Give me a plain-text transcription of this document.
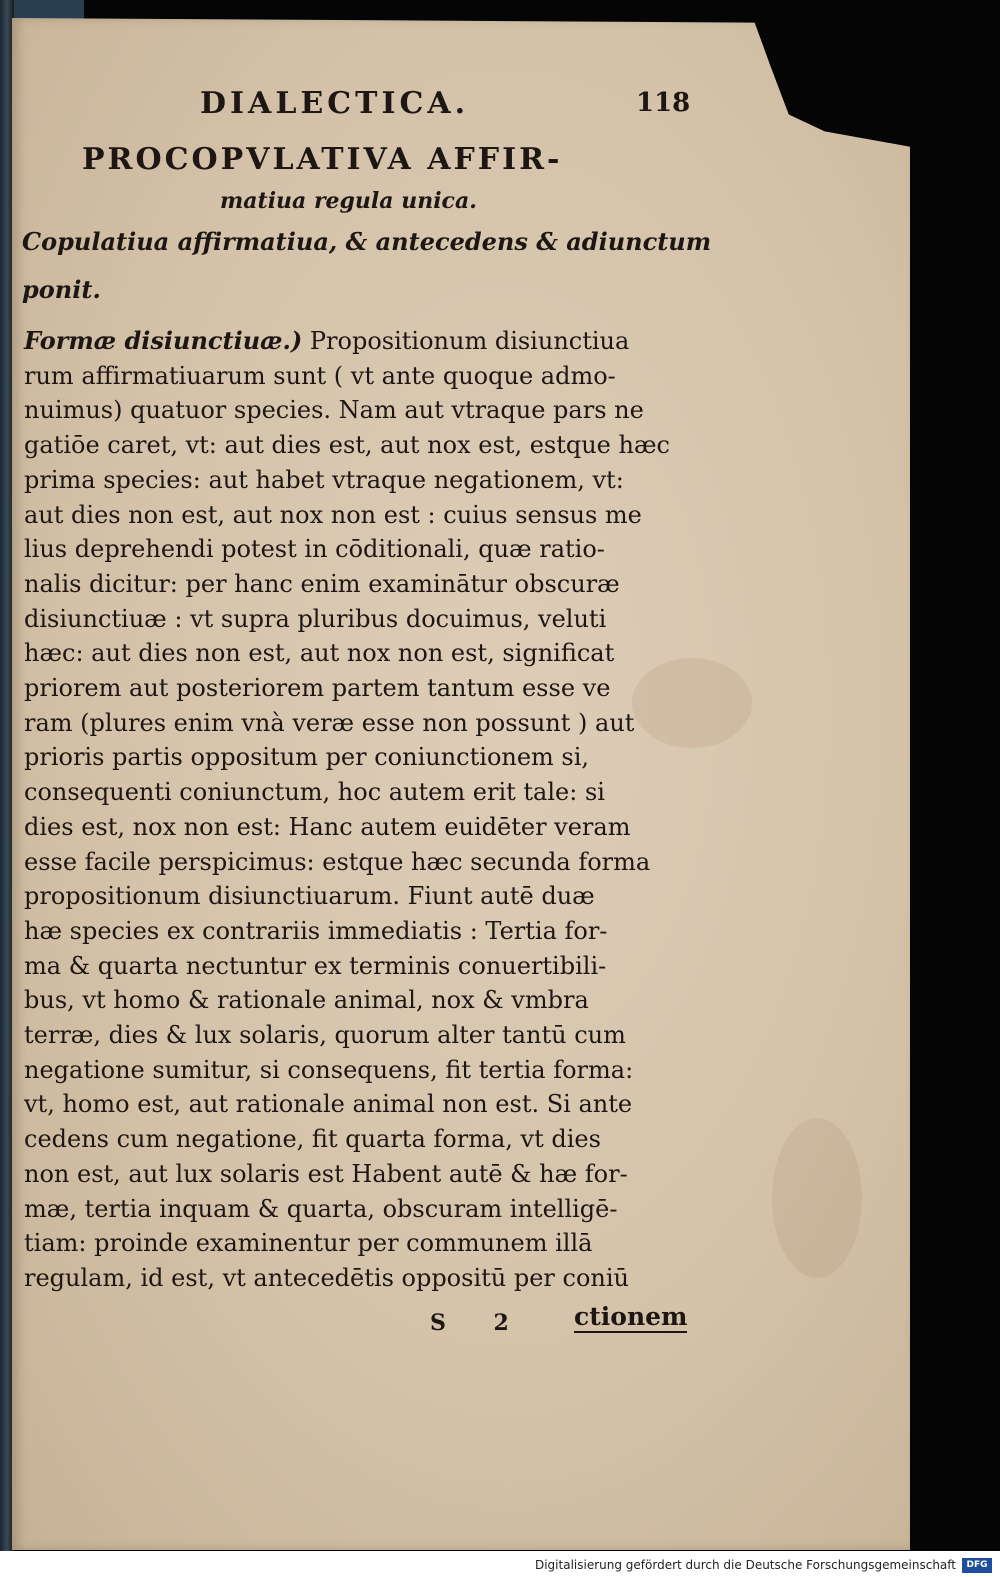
DIALECTICA.	118
PROCOPVLATIVA AFFIR-
matiua regula unica.
Copulatiua affirmatiua, & antecedens & adiunctum
ponit.
Formæ disiunctiuæ.) Propositionum disiunctiua
rum affirmatiuarum sunt ( vt ante quoque admo-
nuimus) quatuor species. Nam aut vtraque pars ne
gatiōe caret, vt: aut dies est, aut nox est, estque hæc
prima species: aut habet vtraque negationem, vt:
aut dies non est, aut nox non est : cuius sensus me
lius deprehendi potest in cōditionali, quæ ratio-
nalis dicitur: per hanc enim examinātur obscuræ
disiunctiuæ : vt supra pluribus docuimus, veluti
hæc: aut dies non est, aut nox non est, significat
priorem aut posteriorem partem tantum esse ve
ram (plures enim vnà veræ esse non possunt ) aut
prioris partis oppositum per coniunctionem si,
consequenti coniunctum, hoc autem erit tale: si
dies est, nox non est: Hanc autem euidēter veram
esse facile perspicimus: estque hæc secunda forma
propositionum disiunctiuarum. Fiunt autē duæ
hæ species ex contrariis immediatis : Tertia for-
ma & quarta nectuntur ex terminis conuertibili-
bus, vt homo & rationale animal, nox & vmbra
terræ, dies & lux solaris, quorum alter tantū cum
negatione sumitur, si consequens, fit tertia forma:
vt, homo est, aut rationale animal non est. Si ante
cedens cum negatione, fit quarta forma, vt dies
non est, aut lux solaris est Habent autē & hæ for-
mæ, tertia inquam & quarta, obscuram intelligē-
tiam: proinde examinentur per communem illā
regulam, id est, vt antecedētis oppositū per coniū
S 2 ctionem
Digitalisierung gefördert durch die Deutsche Forschungsgemeinschaft	DFG
